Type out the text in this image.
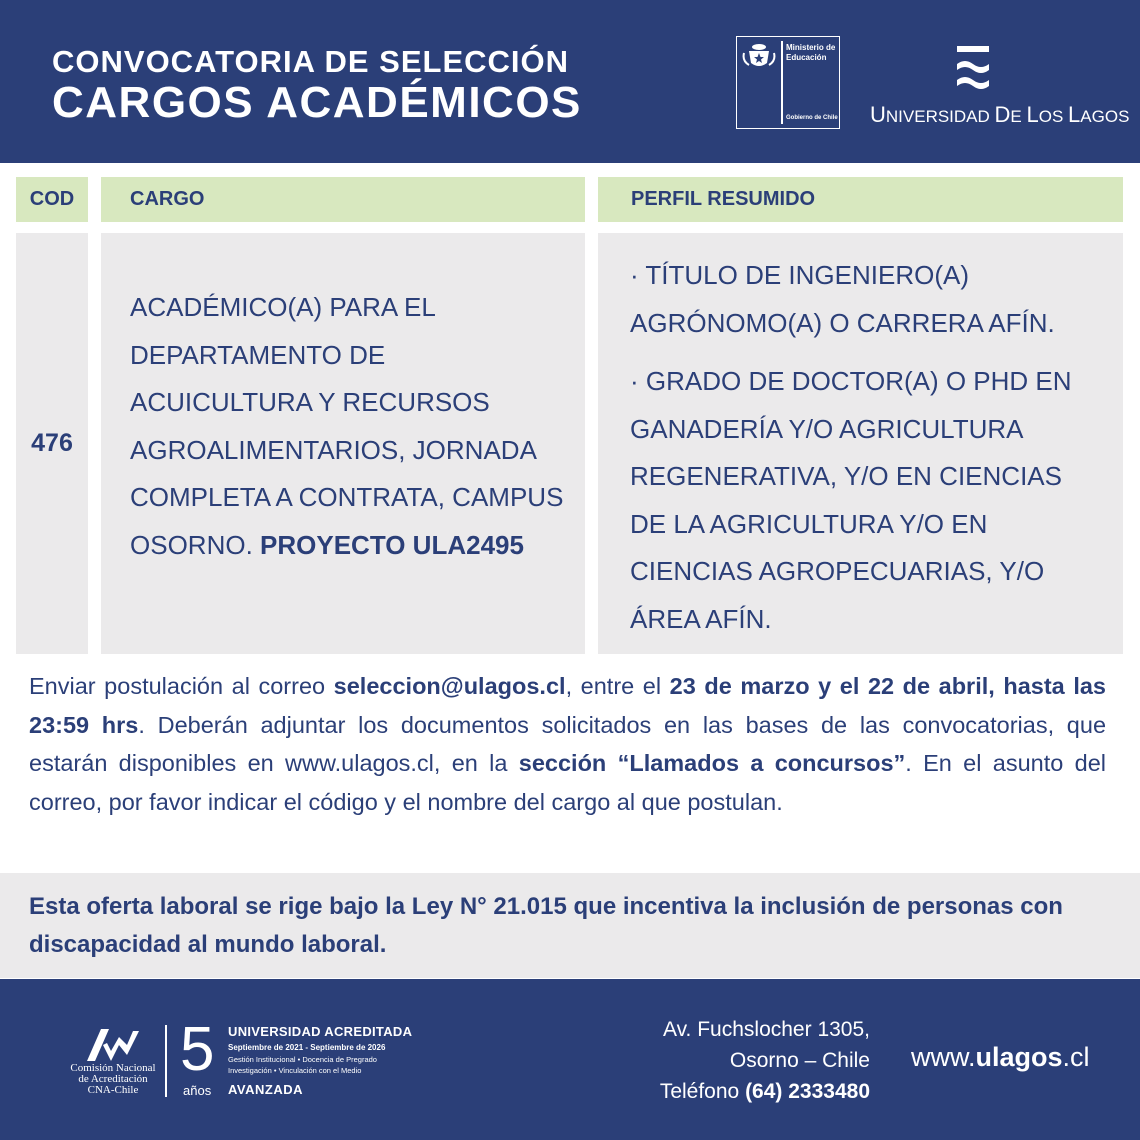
CONVOCATORIA DE SELECCIÓN
CARGOS ACADÉMICOS
Ministerio de
Educación
Gobierno de Chile UNIVERSIDAD DE LOS LAGOS
COD	CARGO	PERFIL RESUMIDO
476
ACADÉMICO(A) PARA EL DEPARTAMENTO DE ACUICULTURA Y RECURSOS AGROALIMENTARIOS, JORNADA COMPLETA A CONTRATA, CAMPUS OSORNO. PROYECTO ULA2495

· TÍTULO DE INGENIERO(A) AGRÓNOMO(A) O CARRERA AFÍN.

· GRADO DE DOCTOR(A) O PHD EN GANADERÍA Y/O AGRICULTURA REGENERATIVA, Y/O EN CIENCIAS DE LA AGRICULTURA Y/O EN CIENCIAS AGROPECUARIAS, Y/O ÁREA AFÍN.

Enviar postulación al correo seleccion@ulagos.cl, entre el 23 de marzo y el 22 de abril, hasta las 23:59 hrs. Deberán adjuntar los documentos solicitados en las bases de las convocatorias, que estarán disponibles en www.ulagos.cl, en la sección “Llamados a concursos”. En el asunto del correo, por favor indicar el código y el nombre del cargo al que postulan.
Esta oferta laboral se rige bajo la Ley N° 21.015 que incentiva la inclusión de personas con discapacidad al mundo laboral.
Comisión Nacional
de Acreditación
CNA-Chile
5
años
UNIVERSIDAD ACREDITADA
Septiembre de 2021 - Septiembre de 2026
Gestión Institucional • Docencia de Pregrado
Investigación • Vinculación con el Medio
AVANZADA
Av. Fuchslocher 1305,
Osorno – Chile
Teléfono (64) 2333480
www.ulagos.cl
